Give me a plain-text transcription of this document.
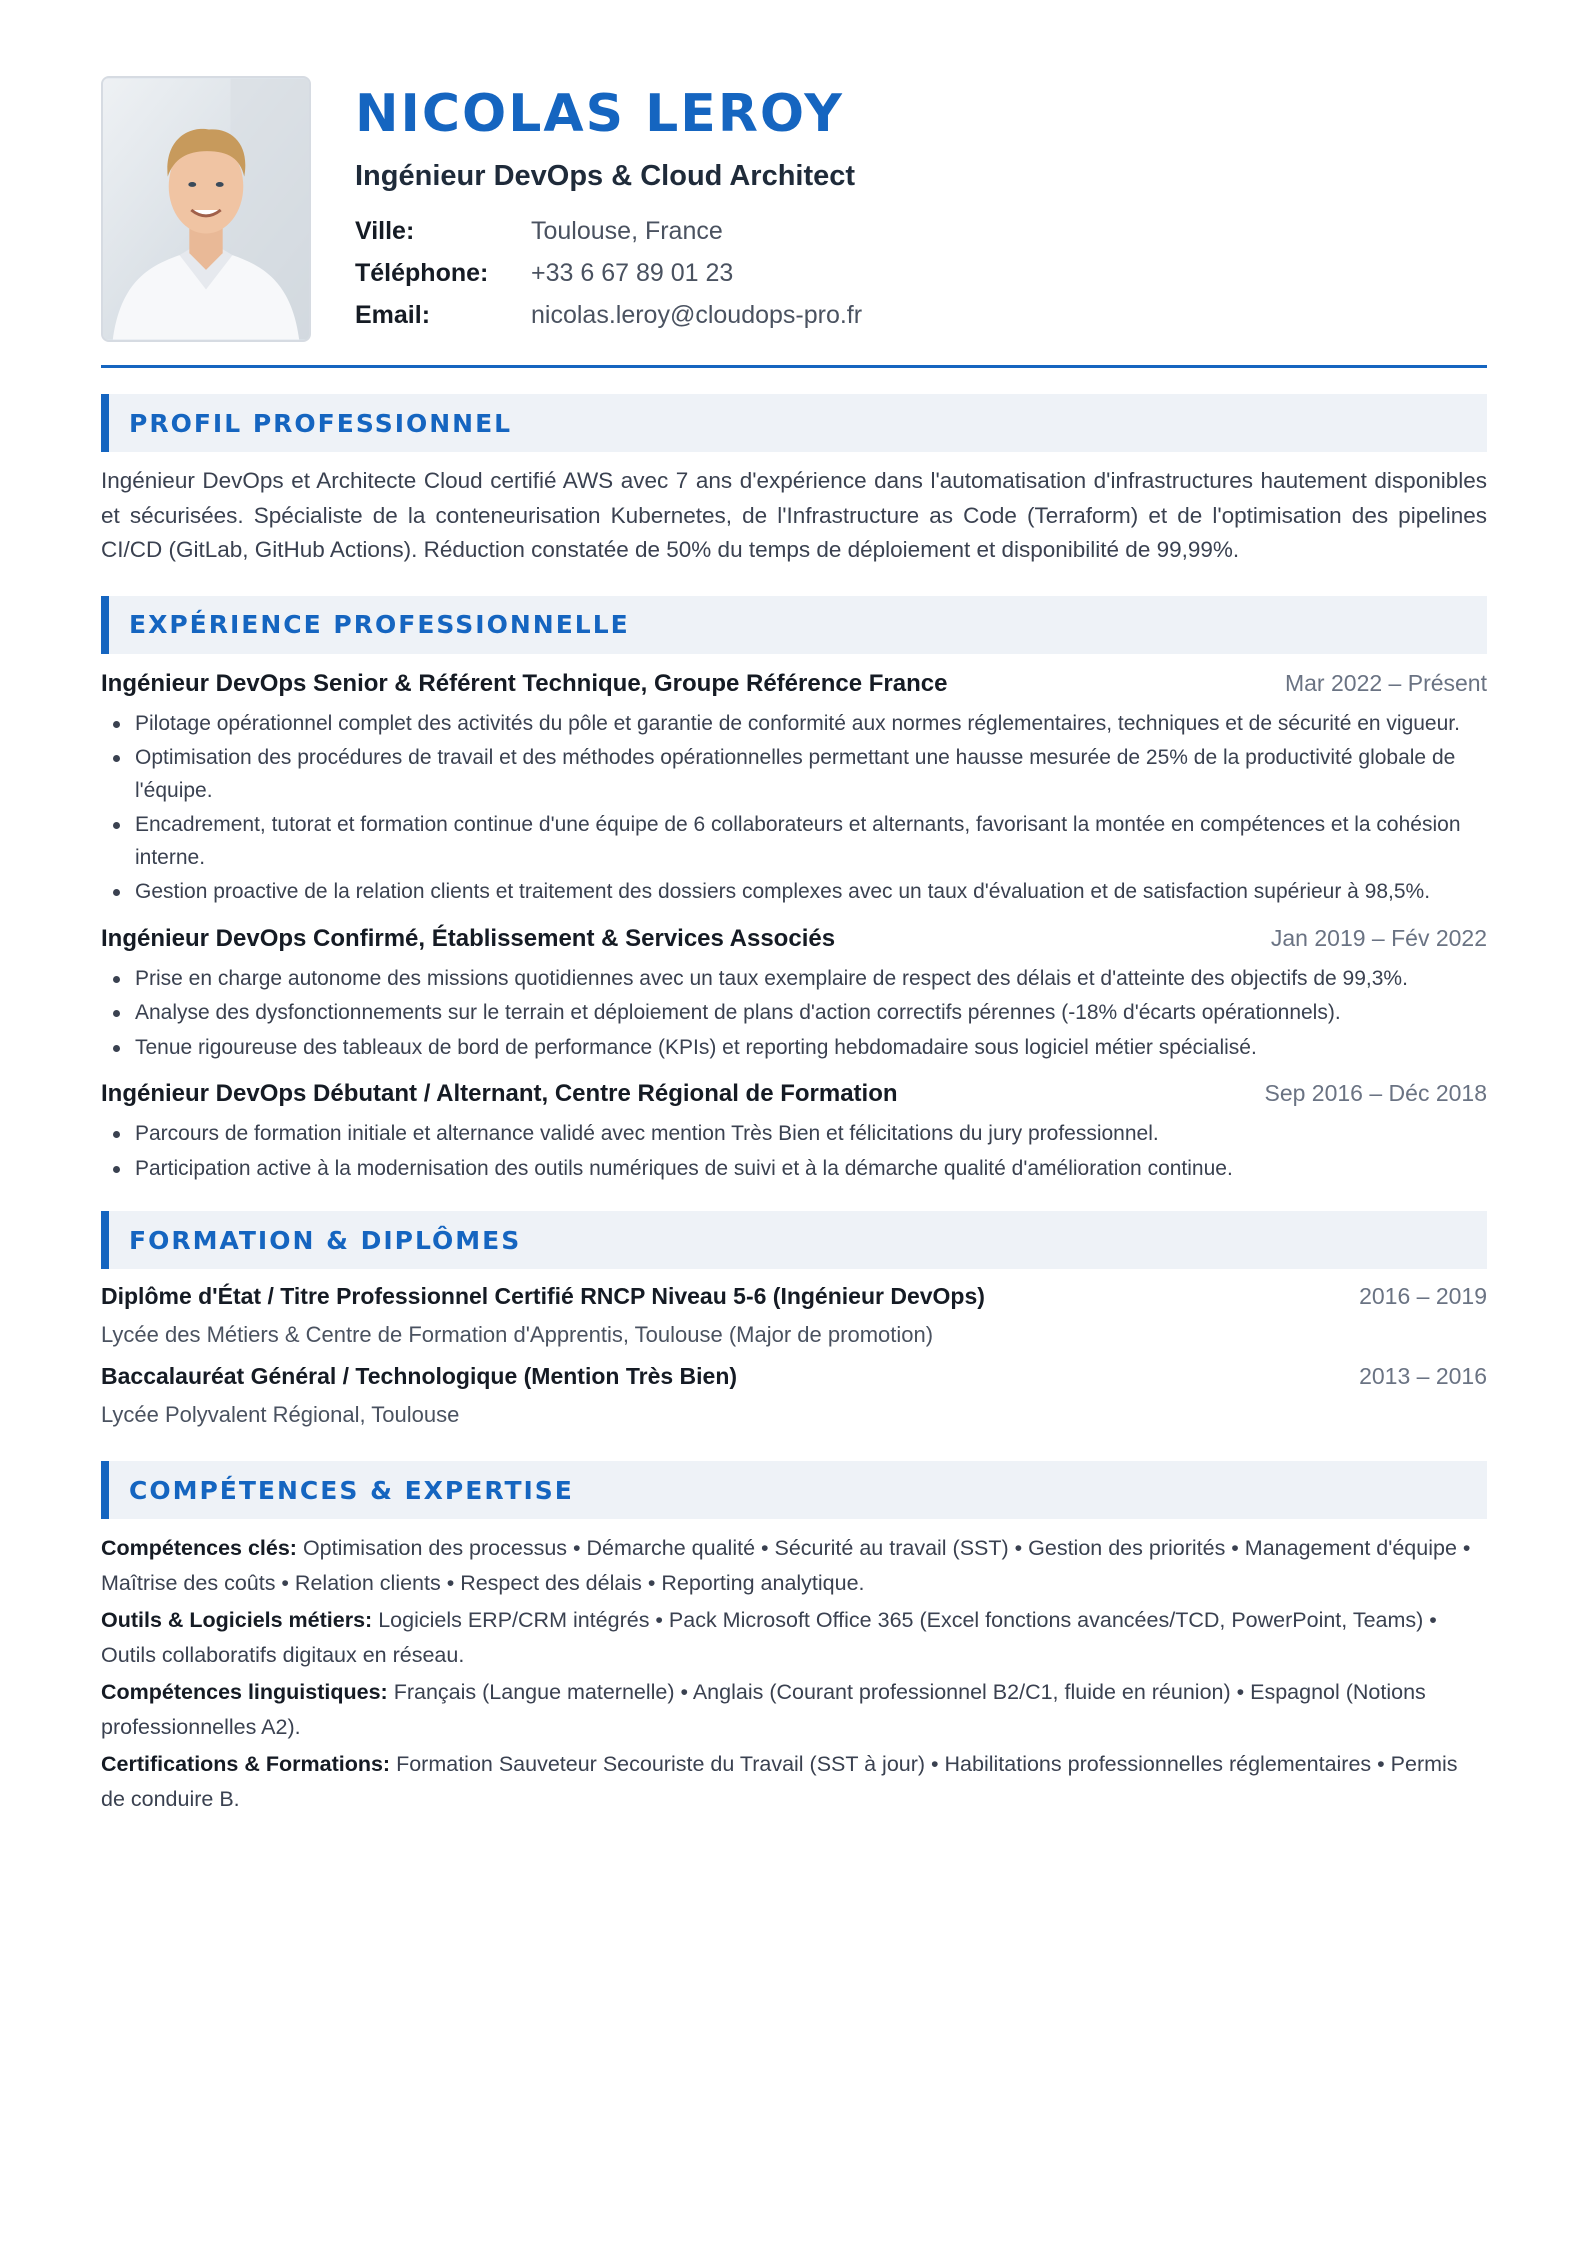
NICOLAS LEROY
Ingénieur DevOps & Cloud Architect
Ville:	Toulouse, France
Téléphone:	+33 6 67 89 01 23
Email:	nicolas.leroy@cloudops-pro.fr
PROFIL PROFESSIONNEL

Ingénieur DevOps et Architecte Cloud certifié AWS avec 7 ans d'expérience dans l'automatisation d'infrastructures hautement disponibles et sécurisées. Spécialiste de la conteneurisation Kubernetes, de l'Infrastructure as Code (Terraform) et de l'optimisation des pipelines CI/CD (GitLab, GitHub Actions). Réduction constatée de 50% du temps de déploiement et disponibilité de 99,99%.

EXPÉRIENCE PROFESSIONNELLE
Ingénieur DevOps Senior & Référent Technique, Groupe Référence France	Mar 2022 – Présent
Pilotage opérationnel complet des activités du pôle et garantie de conformité aux normes réglementaires, techniques et de sécurité en vigueur.
Optimisation des procédures de travail et des méthodes opérationnelles permettant une hausse mesurée de 25% de la productivité globale de l'équipe.
Encadrement, tutorat et formation continue d'une équipe de 6 collaborateurs et alternants, favorisant la montée en compétences et la cohésion interne.
Gestion proactive de la relation clients et traitement des dossiers complexes avec un taux d'évaluation et de satisfaction supérieur à 98,5%.
Ingénieur DevOps Confirmé, Établissement & Services Associés	Jan 2019 – Fév 2022
Prise en charge autonome des missions quotidiennes avec un taux exemplaire de respect des délais et d'atteinte des objectifs de 99,3%.
Analyse des dysfonctionnements sur le terrain et déploiement de plans d'action correctifs pérennes (-18% d'écarts opérationnels).
Tenue rigoureuse des tableaux de bord de performance (KPIs) et reporting hebdomadaire sous logiciel métier spécialisé.
Ingénieur DevOps Débutant / Alternant, Centre Régional de Formation	Sep 2016 – Déc 2018
Parcours de formation initiale et alternance validé avec mention Très Bien et félicitations du jury professionnel.
Participation active à la modernisation des outils numériques de suivi et à la démarche qualité d'amélioration continue.
FORMATION & DIPLÔMES
Diplôme d'État / Titre Professionnel Certifié RNCP Niveau 5-6 (Ingénieur DevOps)	2016 – 2019
Lycée des Métiers & Centre de Formation d'Apprentis, Toulouse (Major de promotion)
Baccalauréat Général / Technologique (Mention Très Bien)	2013 – 2016
Lycée Polyvalent Régional, Toulouse
COMPÉTENCES & EXPERTISE

Compétences clés: Optimisation des processus • Démarche qualité • Sécurité au travail (SST) • Gestion des priorités • Management d'équipe • Maîtrise des coûts • Relation clients • Respect des délais • Reporting analytique.

Outils & Logiciels métiers: Logiciels ERP/CRM intégrés • Pack Microsoft Office 365 (Excel fonctions avancées/TCD, PowerPoint, Teams) • Outils collaboratifs digitaux en réseau.

Compétences linguistiques: Français (Langue maternelle) • Anglais (Courant professionnel B2/C1, fluide en réunion) • Espagnol (Notions professionnelles A2).

Certifications & Formations: Formation Sauveteur Secouriste du Travail (SST à jour) • Habilitations professionnelles réglementaires • Permis de conduire B.
